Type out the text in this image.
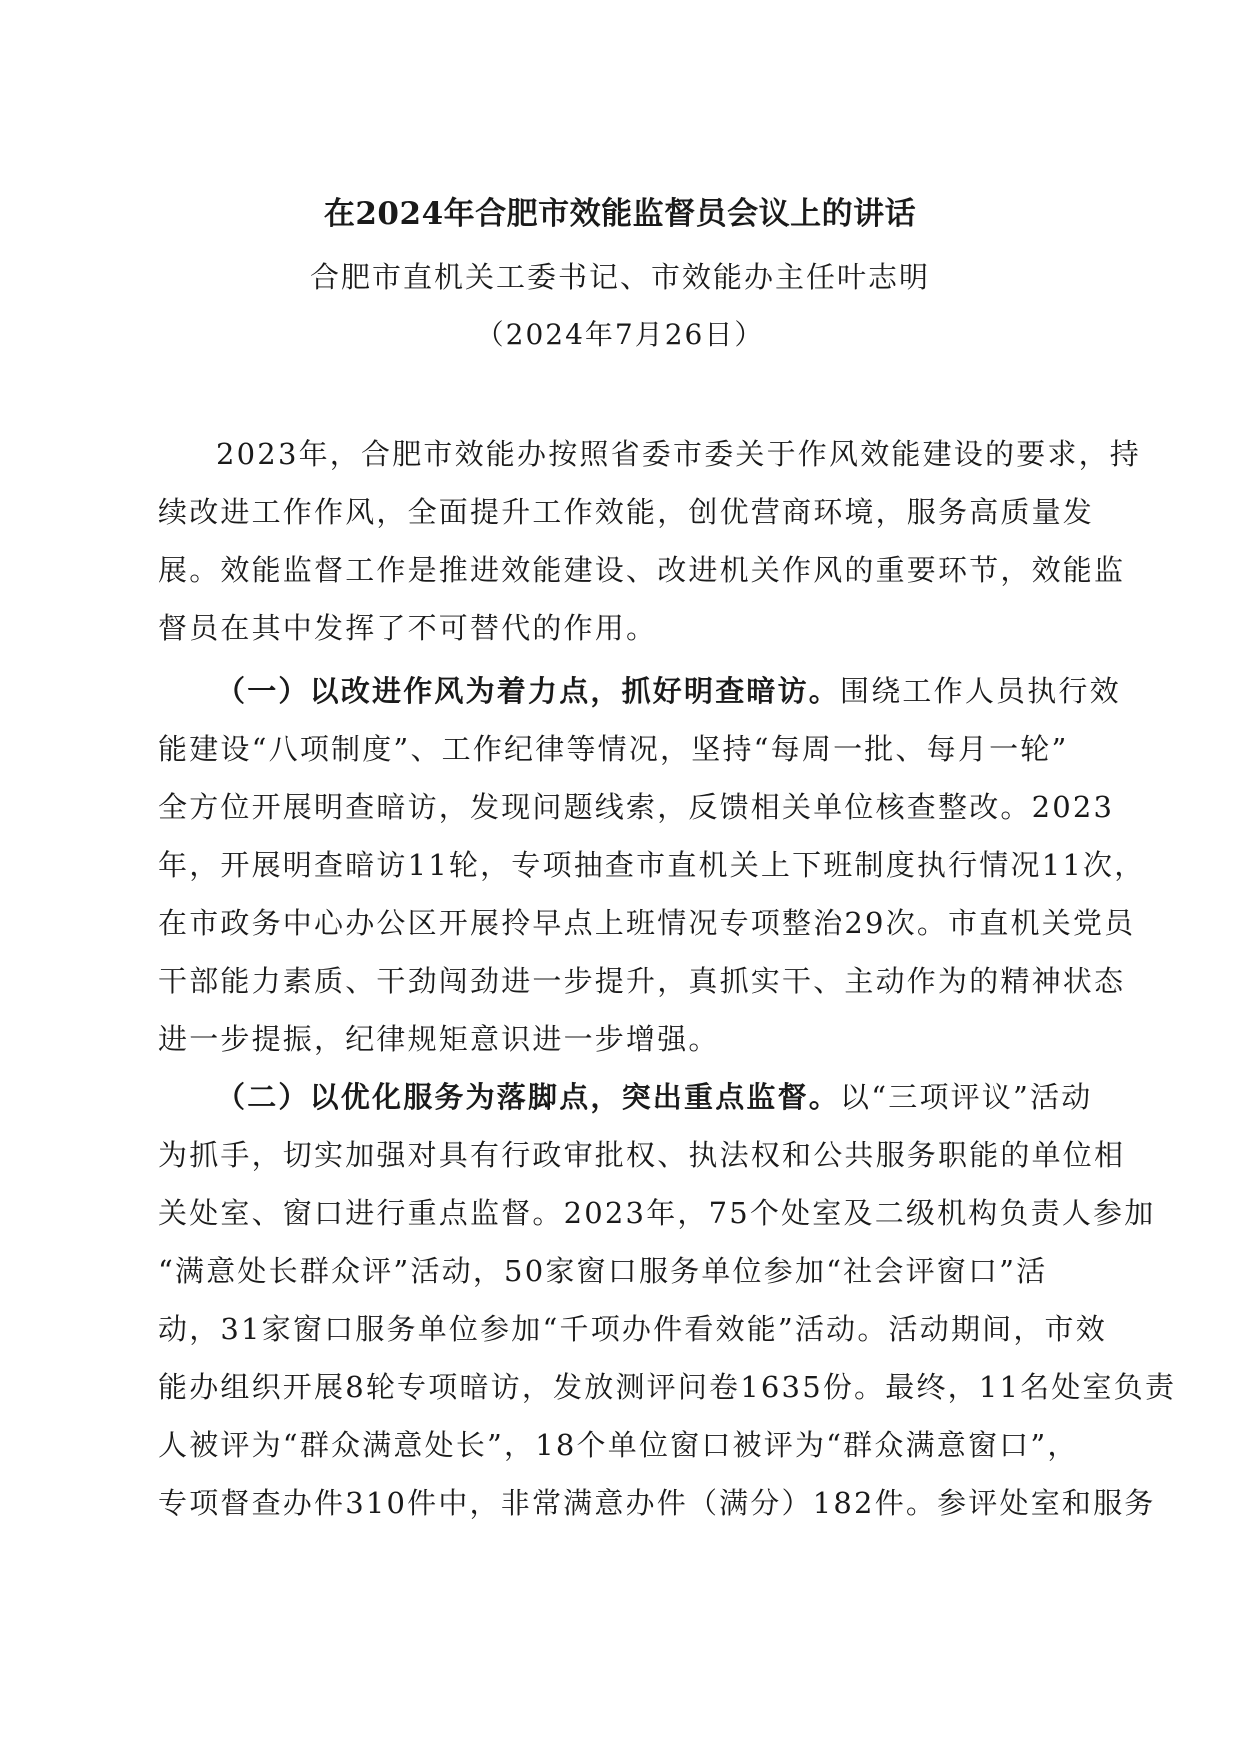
在2024年合肥市效能监督员会议上的讲话
合肥市直机关工委书记、市效能办主任叶志明
（2024年7月26日）
2023年，合肥市效能办按照省委市委关于作风效能建设的要求，持
续改进工作作风，全面提升工作效能，创优营商环境，服务高质量发
展。效能监督工作是推进效能建设、改进机关作风的重要环节，效能监
督员在其中发挥了不可替代的作用。
（一）以改进作风为着力点，抓好明查暗访。围绕工作人员执行效
能建设“八项制度”、工作纪律等情况，坚持“每周一批、每月一轮”
全方位开展明查暗访，发现问题线索，反馈相关单位核查整改。2023
年，开展明查暗访11轮，专项抽查市直机关上下班制度执行情况11次，
在市政务中心办公区开展拎早点上班情况专项整治29次。市直机关党员
干部能力素质、干劲闯劲进一步提升，真抓实干、主动作为的精神状态
进一步提振，纪律规矩意识进一步增强。
（二）以优化服务为落脚点，突出重点监督。以“三项评议”活动
为抓手，切实加强对具有行政审批权、执法权和公共服务职能的单位相
关处室、窗口进行重点监督。2023年，75个处室及二级机构负责人参加
“满意处长群众评”活动，50家窗口服务单位参加“社会评窗口”活
动，31家窗口服务单位参加“千项办件看效能”活动。活动期间，市效
能办组织开展8轮专项暗访，发放测评问卷1635份。最终，11名处室负责
人被评为“群众满意处长”，18个单位窗口被评为“群众满意窗口”，
专项督查办件310件中，非常满意办件（满分）182件。参评处室和服务
